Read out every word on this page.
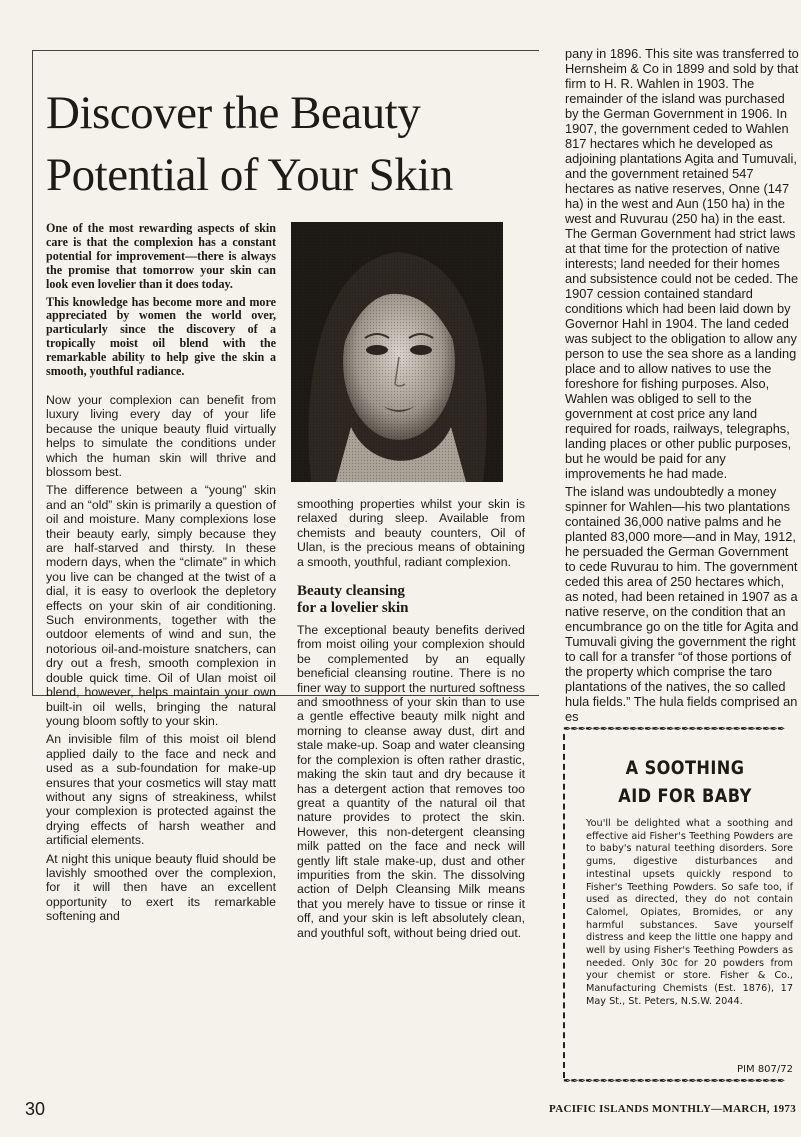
Discover the Beauty
Potential of Your Skin

One of the most rewarding aspects of skin care is that the complexion has a constant potential for improvement—there is always the promise that tomorrow your skin can look even lovelier than it does today.

This knowledge has become more and more appreciated by women the world over, particularly since the discovery of a tropically moist oil blend with the remarkable ability to help give the skin a smooth, youthful radiance.

Now your complexion can benefit from luxury living every day of your life because the unique beauty fluid virtually helps to simulate the conditions under which the human skin will thrive and blossom best.

The difference between a “young” skin and an “old” skin is primarily a question of oil and moisture. Many complexions lose their beauty early, simply because they are half-starved and thirsty. In these modern days, when the “climate” in which you live can be changed at the twist of a dial, it is easy to overlook the depletory effects on your skin of air conditioning. Such environments, together with the outdoor elements of wind and sun, the notorious oil-and-moisture snatchers, can dry out a fresh, smooth complexion in double quick time. Oil of Ulan moist oil blend, however, helps maintain your own built-in oil wells, bringing the natural young bloom softly to your skin.

An invisible film of this moist oil blend applied daily to the face and neck and used as a sub-foundation for make-up ensures that your cosmetics will stay matt without any signs of streakiness, whilst your complexion is protected against the drying effects of harsh weather and artificial elements.

At night this unique beauty fluid should be lavishly smoothed over the complexion, for it will then have an excellent opportunity to exert its remarkable softening and

smoothing properties whilst your skin is relaxed during sleep. Available from chemists and beauty counters, Oil of Ulan, is the precious means of obtaining a smooth, youthful, radiant complexion.

Beauty cleansing
for a lovelier skin

The exceptional beauty benefits derived from moist oiling your complexion should be complemented by an equally beneficial cleansing routine. There is no finer way to support the nurtured softness and smoothness of your skin than to use a gentle effective beauty milk night and morning to cleanse away dust, dirt and stale make-up. Soap and water cleansing for the complexion is often rather drastic, making the skin taut and dry because it has a detergent action that removes too great a quantity of the natural oil that nature provides to protect the skin. However, this non-detergent cleansing milk patted on the face and neck will gently lift stale make-up, dust and other impurities from the skin. The dissolving action of Delph Cleansing Milk means that you merely have to tissue or rinse it off, and your skin is left absolutely clean, and youthful soft, without being dried out.

pany in 1896. This site was transferred to Hernsheim & Co in 1899 and sold by that firm to H. R. Wahlen in 1903. The remainder of the island was purchased by the German Government in 1906. In 1907, the government ceded to Wahlen 817 hectares which he developed as adjoining plantations Agita and Tumuvali, and the government retained 547 hectares as native reserves, Onne (147 ha) in the west and Aun (150 ha) in the west and Ruvurau (250 ha) in the east. The German Government had strict laws at that time for the protection of native interests; land needed for their homes and subsistence could not be ceded. The 1907 cession contained standard conditions which had been laid down by Governor Hahl in 1904. The land ceded was subject to the obligation to allow any person to use the sea shore as a landing place and to allow natives to use the foreshore for fishing purposes. Also, Wahlen was obliged to sell to the government at cost price any land required for roads, railways, telegraphs, landing places or other public purposes, but he would be paid for any improvements he had made.

The island was undoubtedly a money spinner for Wahlen—his two plantations contained 36,000 native palms and he planted 83,000 more—and in May, 1912, he persuaded the German Government to cede Ruvurau to him. The government ceded this area of 250 hectares which, as noted, had been retained in 1907 as a native reserve, on the condition that an encumbrance go on the title for Agita and Tumuvali giving the government the right to call for a transfer “of those portions of the property which comprise the taro plantations of the natives, the so called hula fields.” The hula fields comprised an es

✒✒✒✒✒✒✒✒✒✒✒✒✒✒✒✒✒✒✒✒✒✒✒✒✒✒✒✒✒✒
A SOOTHING
AID FOR BABY
You'll be delighted what a soothing and effective aid Fisher's Teething Powders are to baby's natural teething disorders. Sore gums, digestive disturbances and intestinal upsets quickly respond to Fisher's Teething Powders. So safe too, if used as directed, they do not contain Calomel, Opiates, Bromides, or any harmful substances. Save yourself distress and keep the little one happy and well by using Fisher's Teething Powders as needed. Only 30c for 20 powders from your chemist or store. Fisher & Co., Manufacturing Chemists (Est. 1876), 17 May St., St. Peters, N.S.W. 2044.
PIM 807/72
✒✒✒✒✒✒✒✒✒✒✒✒✒✒✒✒✒✒✒✒✒✒✒✒✒✒✒✒✒✒
30	PACIFIC ISLANDS MONTHLY—MARCH, 1973
